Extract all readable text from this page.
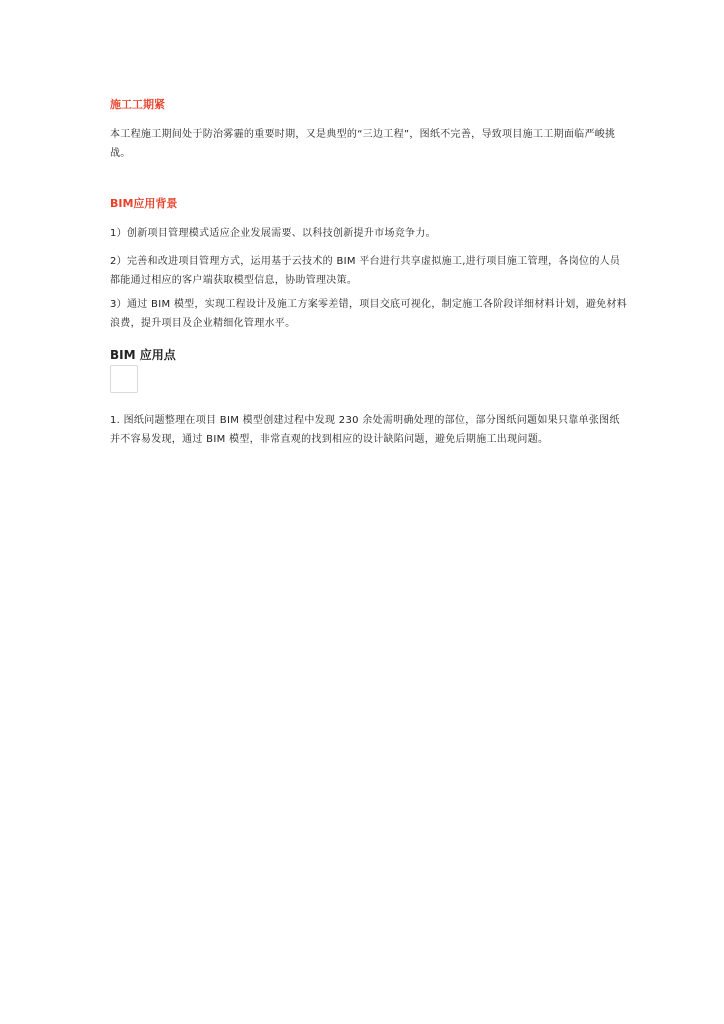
施工工期紧

本工程施工期间处于防治雾霾的重要时期，又是典型的“三边工程”，图纸不完善，导致项目施工工期面临严峻挑战。

BIM应用背景

1）创新项目管理模式适应企业发展需要、以科技创新提升市场竞争力。

2）完善和改进项目管理方式，运用基于云技术的 BIM 平台进行共享虚拟施工,进行项目施工管理，各岗位的人员都能通过相应的客户端获取模型信息，协助管理决策。

3）通过 BIM 模型，实现工程设计及施工方案零差错，项目交底可视化，制定施工各阶段详细材料计划，避免材料浪费，提升项目及企业精细化管理水平。

BIM 应用点

1. 图纸问题整理在项目 BIM 模型创建过程中发现 230 余处需明确处理的部位，部分图纸问题如果只靠单张图纸并不容易发现，通过 BIM 模型，非常直观的找到相应的设计缺陷问题，避免后期施工出现问题。
